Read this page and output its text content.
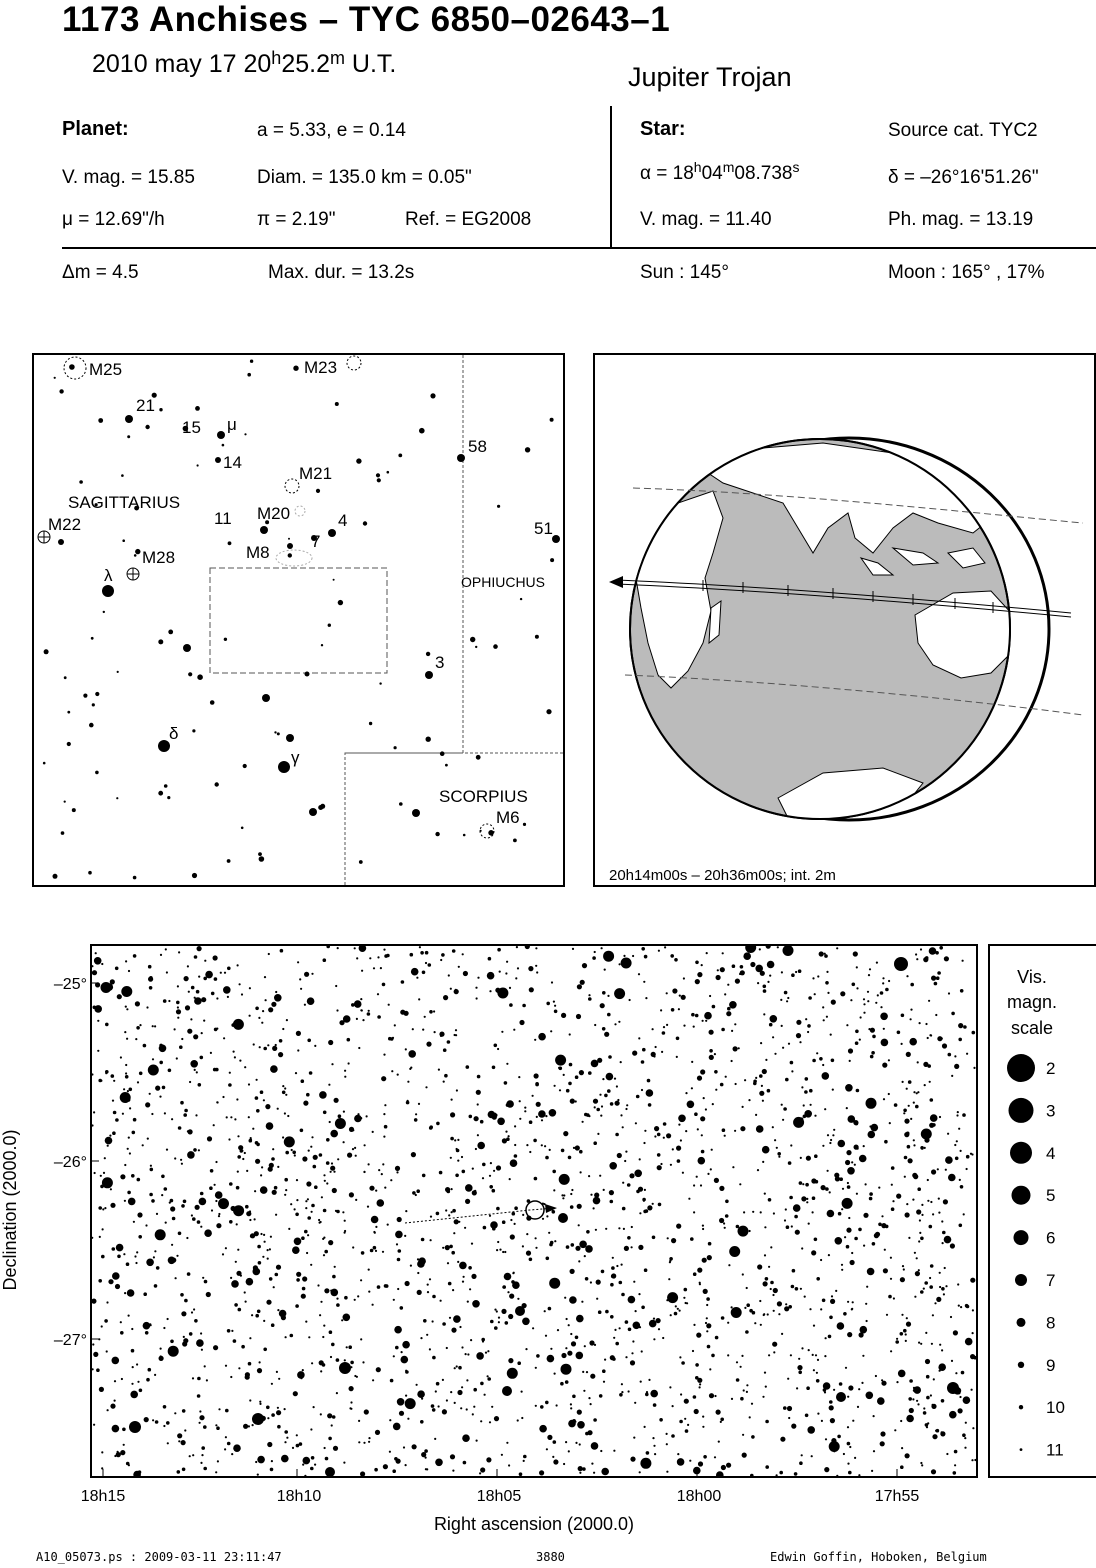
1173 Anchises – TYC 6850–02643–1
2010 may 17 20$^h$25.2$^m$ U.T.	Jupiter Trojan
Planet:	a = 5.33, e = 0.14
V. mag. = 15.85	Diam. = 135.0 km = 0.05"
μ = 12.69"/h	π = 2.19"	Ref. = EG2008
Star:	Source cat. TYC2
$\alpha = 18^h04^m08.738^s$	δ = –26°16'51.26"
V. mag. = 11.40	Ph. mag. = 13.19
Δm = 4.5	Max. dur. = 13.2s	Sun : 145°	Moon : 165° , 17%
M25	M23
21
15 μ
14
58
M21
11 M20	4	51
M22
M8
7
M28
λ
3
δ
γ
M6
SAGITTARIUS
SCORPIUS
OPHIUCHUS
20h14m00s – 20h36m00s; int. 2m
–25°
–26°
–27°
18h15	18h10	18h05	18h00	17h55
Right ascension (2000.0)
Declination (2000.0)
Vis.
magn.
scale
2
3
4
5
6
7
8
9
10
11
A10_05073.ps : 2009-03-11 23:11:47	3880	Edwin Goffin, Hoboken, Belgium
